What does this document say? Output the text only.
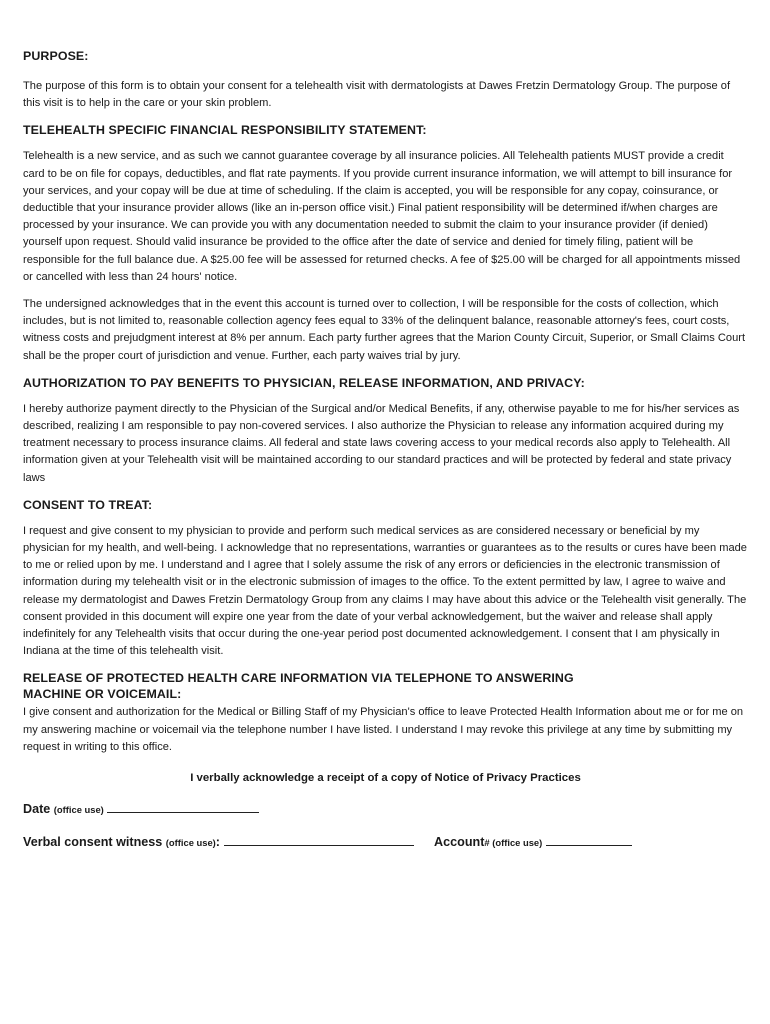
PURPOSE:
The purpose of this form is to obtain your consent for a telehealth visit with dermatologists at Dawes Fretzin Dermatology Group. The purpose of this visit is to help in the care or your skin problem.
TELEHEALTH SPECIFIC FINANCIAL RESPONSIBILITY STATEMENT:
Telehealth is a new service, and as such we cannot guarantee coverage by all insurance policies. All Telehealth patients MUST provide a credit card to be on file for copays, deductibles, and flat rate payments. If you provide current insurance information, we will attempt to bill insurance for your services, and your copay will be due at time of scheduling. If the claim is accepted, you will be responsible for any copay, coinsurance, or deductible that your insurance provider allows (like an in-person office visit.) Final patient responsibility will be determined if/when charges are processed by your insurance. We can provide you with any documentation needed to submit the claim to your insurance provider (if denied) yourself upon request. Should valid insurance be provided to the office after the date of service and denied for timely filing, patient will be responsible for the full balance due. A $25.00 fee will be assessed for returned checks. A fee of $25.00 will be charged for all appointments missed or cancelled with less than 24 hours' notice.
The undersigned acknowledges that in the event this account is turned over to collection, I will be responsible for the costs of collection, which includes, but is not limited to, reasonable collection agency fees equal to 33% of the delinquent balance, reasonable attorney's fees, court costs, witness costs and prejudgment interest at 8% per annum. Each party further agrees that the Marion County Circuit, Superior, or Small Claims Court shall be the proper court of jurisdiction and venue. Further, each party waives trial by jury.
AUTHORIZATION TO PAY BENEFITS TO PHYSICIAN, RELEASE INFORMATION, AND PRIVACY:
I hereby authorize payment directly to the Physician of the Surgical and/or Medical Benefits, if any, otherwise payable to me for his/her services as described, realizing I am responsible to pay non-covered services. I also authorize the Physician to release any information acquired during my treatment necessary to process insurance claims. All federal and state laws covering access to your medical records also apply to Telehealth. All information given at your Telehealth visit will be maintained according to our standard practices and will be protected by federal and state privacy laws
CONSENT TO TREAT:
I request and give consent to my physician to provide and perform such medical services as are considered necessary or beneficial by my physician for my health, and well-being. I acknowledge that no representations, warranties or guarantees as to the results or cures have been made to me or relied upon by me. I understand and I agree that I solely assume the risk of any errors or deficiencies in the electronic transmission of information during my telehealth visit or in the electronic submission of images to the office. To the extent permitted by law, I agree to waive and release my dermatologist and Dawes Fretzin Dermatology Group from any claims I may have about this advice or the Telehealth visit generally. The consent provided in this document will expire one year from the date of your verbal acknowledgement, but the waiver and release shall apply indefinitely for any Telehealth visits that occur during the one-year period post documented acknowledgement. I consent that I am physically in Indiana at the time of this telehealth visit.
RELEASE OF PROTECTED HEALTH CARE INFORMATION VIA TELEPHONE TO ANSWERING
MACHINE OR VOICEMAIL:
I give consent and authorization for the Medical or Billing Staff of my Physician's office to leave Protected Health Information about me or for me on my answering machine or voicemail via the telephone number I have listed. I understand I may revoke this privilege at any time by submitting my request in writing to this office.
I verbally acknowledge a receipt of a copy of Notice of Privacy Practices
Date (office use)
Verbal consent witness (office use):	Account# (office use)
